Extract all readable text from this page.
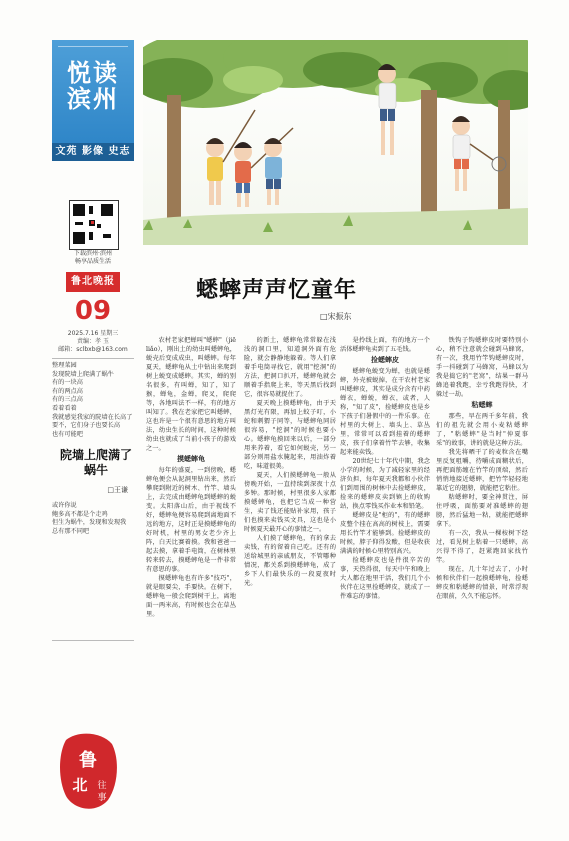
悦读
滨州
文苑 影像 史志
下载滨州·滨州
畅享品质生活
鲁北晚报
09
2025.7.16 星期三
责编：孝 玉
邮箱：sclbxb@163.com
整理菜园
发现院墙上爬满了蜗牛
有的一块高
有的两点高
有的三点高
看着看着
我就感觉我家的院墙在长高了
要不，它们身子也要长高
也有可能吧
院墙上爬满了蜗牛
□王谦
或许你说
鲍多高不都是个走鸡
但生为蜗牛，发现和发现我
总有那不同吧
鲁
北 往
事
蟋蟀声声忆童年
□宋振东

农村老家把蝉叫"蟋蟀"（jiē liǎo），刚出土的幼虫叫蟋蟀龟，蜕壳后变成成虫，叫蟋蟀。每年夏天，蟋蟀龟从土中钻出来爬到树上蜕变成蟋蟀。其实，蝉的别名很多，有叫蝉，知了，知了猴，蝉龟，金蝉，爬叉，爬爬等，各地叫法不一样，有的地方叫知了。我在老家把它叫蟋蟀，这也许是一个很有意思的地方叫法，幼虫生长的时间，这种时候幼虫也就成了当前小孩子的游戏之一。

摸蟋蟀龟

每年的盛夏，一到傍晚，蟋蟀龟便会从泥洞里钻出来，然后攀爬到附近的树木、竹竿、墙头上，去完成由蟋蟀龟到蟋蟀的蜕变。太阳落山后，由于视线不好，蟋蟀龟便容易爬到离地面不远的地方，这时正是摸蟋蟀龟的好时机，村里的男女老少齐上阵，白天比赛着摸。我和爸爸一起去摸，拿着手电筒，在树林里转来转去，摸蟋蟀龟是一件非常有意思的事。

摸蟋蟀龟也有许多"技巧"，就是眼要尖，手要快。在树下，蟋蟀龟一般会爬到树干上，离地面一两米高，有时候也会在草丛里。

的新土，蟋蟀龟常常躲在浅浅的洞口里，知道洞外面有危险，就会静静地躲着。等人们拿着手电筒寻找它，就用"挖洞"的方法，把洞口扒开，蟋蟀龟就会顺着手指爬上来，等天黑后找到它，很容易就捉住了。

夏天晚上摸蟋蟀龟，由于天黑灯光有限，再加上蚊子叮，小蛇和刺猬子同等，与蟋蟀龟同居很容易，"挖洞"的时候也要小心。蟋蟀龟摸回来以后，一部分用来养着，看它如何蜕壳，另一部分则用盐水腌起来，用油炸着吃，味道很美。

夏天，人们摸蟋蟀龟一般从傍晚开始，一直持续到深夜十点多钟。那时候，村里很多人家都摸蟋蟀龟，也把它当成一种营生，卖了钱还能贴补家用，孩子们也摸来卖钱买文具，这也是小时候夏天最开心的事情之一。

人们摸了蟋蟀龟，有的拿去卖钱，有的留着自己吃。还有的送给城里的亲戚朋友，不管哪种情况，都关系到摸蟋蟀龟，成了乡下人们最快乐的一段夏夜时光。

是拎线上面，有的地方一个活体蟋蟀龟卖到了五毛钱。

捡蟋蟀皮

蟋蟀龟蜕变为蝉，也就是蟋蟀，外壳被蜕掉，在干农村老家叫蟋蟀皮，其实是成分含有中药蝉衣，蝉蜕，蝉衣，或者，人称，"知了皮"，捡蟋蟀皮也是乡下孩子们暑假中的一件乐事。在村里的大树上、墙头上、草丛里，常常可以看到挂着的蟋蟀皮，孩子们拿着竹竿去够，收集起来能卖钱。

20世纪七十年代中期，我念小学的时候，为了减轻家里的经济负担，每年夏天我都和小伙伴们到周围的树林中去捡蟋蟀皮，捡来的蟋蟀皮卖到镇上的收购站，换点零钱买作业本和铅笔。

蟋蟀皮是"柜的"，有的蟋蟀皮整个挂在高高的树枝上，需要用长竹竿才能够到。捡蟋蟀皮的时候，脖子仰得发酸，但是收获满满的时候心里特别高兴。

捡蟋蟀皮也是件很辛苦的事，天热得很，每天中午和晚上大人都在地里干活，我们几个小伙伴在这里捡蟋蟀皮，就成了一件难忘的事情。

铁钩子钩蟋蟀皮时要特别小心，稍不注意就会碰到马蜂窝，有一次，我用竹竿钩蟋蟀皮时，手一抖碰到了马蜂窝，马蜂以为我是捣它的"老窝"，结果一群马蜂追着我跑，幸亏我跑得快，才躲过一劫。

粘蟋蟀

那些，早在两千多年前，我们的祖先就会用小麦粘蟋蟀了，"粘蟋蟀"是当时"仲夏事采"的故事，讲的就是这种方法。

我先将晒干了的麦粒含在嘴里反复咀嚼，待嚼成面糊状后，再把面筋缠在竹竿的顶端，然后悄悄地接近蟋蟀，把竹竿轻轻地靠近它的翅膀，就能把它粘住。

粘蟋蟀时，要全神贯注，屏住呼吸，面筋要对准蟋蟀的翅膀，然后猛地一粘，就能把蟋蟀拿下。

有一次，我从一棵桉树下经过，看见树上粘着一只蟋蟀，高兴得不得了，赶紧跑回家找竹竿。

现在，几十年过去了，小时候和伙伴们一起摸蟋蟀龟，捡蟋蟀皮和粘蟋蟀的情景，时常浮现在眼前，久久不能忘怀。
